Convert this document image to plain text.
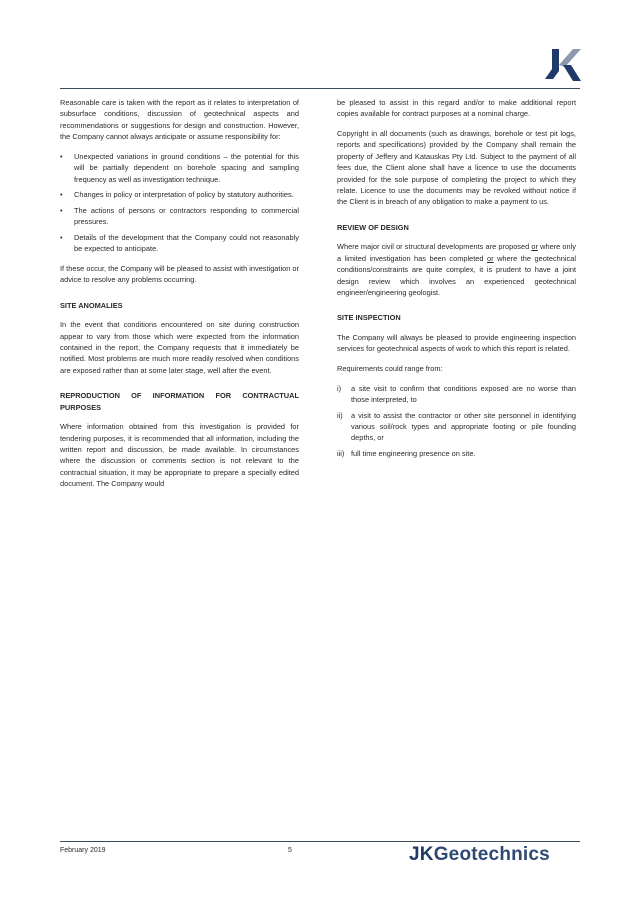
Reasonable care is taken with the report as it relates to interpretation of subsurface conditions, discussion of geotechnical aspects and recommendations or suggestions for design and construction. However, the Company cannot always anticipate or assume responsibility for:

• Unexpected variations in ground conditions – the potential for this will be partially dependent on borehole spacing and sampling frequency as well as investigation technique.
• Changes in policy or interpretation of policy by statutory authorities.
• The actions of persons or contractors responding to commercial pressures.
• Details of the development that the Company could not reasonably be expected to anticipate.

If these occur, the Company will be pleased to assist with investigation or advice to resolve any problems occurring.

SITE ANOMALIES

In the event that conditions encountered on site during construction appear to vary from those which were expected from the information contained in the report, the Company requests that it immediately be notified. Most problems are much more readily resolved when conditions are exposed rather than at some later stage, well after the event.

REPRODUCTION OF INFORMATION FOR CONTRACTUAL PURPOSES

Where information obtained from this investigation is provided for tendering purposes, it is recommended that all information, including the written report and discussion, be made available. In circumstances where the discussion or comments section is not relevant to the contractual situation, it may be appropriate to prepare a specially edited document. The Company would

be pleased to assist in this regard and/or to make additional report copies available for contract purposes at a nominal charge.

Copyright in all documents (such as drawings, borehole or test pit logs, reports and specifications) provided by the Company shall remain the property of Jeffery and Katauskas Pty Ltd. Subject to the payment of all fees due, the Client alone shall have a licence to use the documents provided for the sole purpose of completing the project to which they relate. Licence to use the documents may be revoked without notice if the Client is in breach of any obligation to make a payment to us.

REVIEW OF DESIGN

Where major civil or structural developments are proposed or where only a limited investigation has been completed or where the geotechnical conditions/constraints are quite complex, it is prudent to have a joint design review which involves an experienced geotechnical engineer/engineering geologist.

SITE INSPECTION

The Company will always be pleased to provide engineering inspection services for geotechnical aspects of work to which this report is related.

Requirements could range from:

i) a site visit to confirm that conditions exposed are no worse than those interpreted, to
ii) a visit to assist the contractor or other site personnel in identifying various soil/rock types and appropriate footing or pile founding depths, or
iii) full time engineering presence on site.
February 2019	5	JKGeotechnics
